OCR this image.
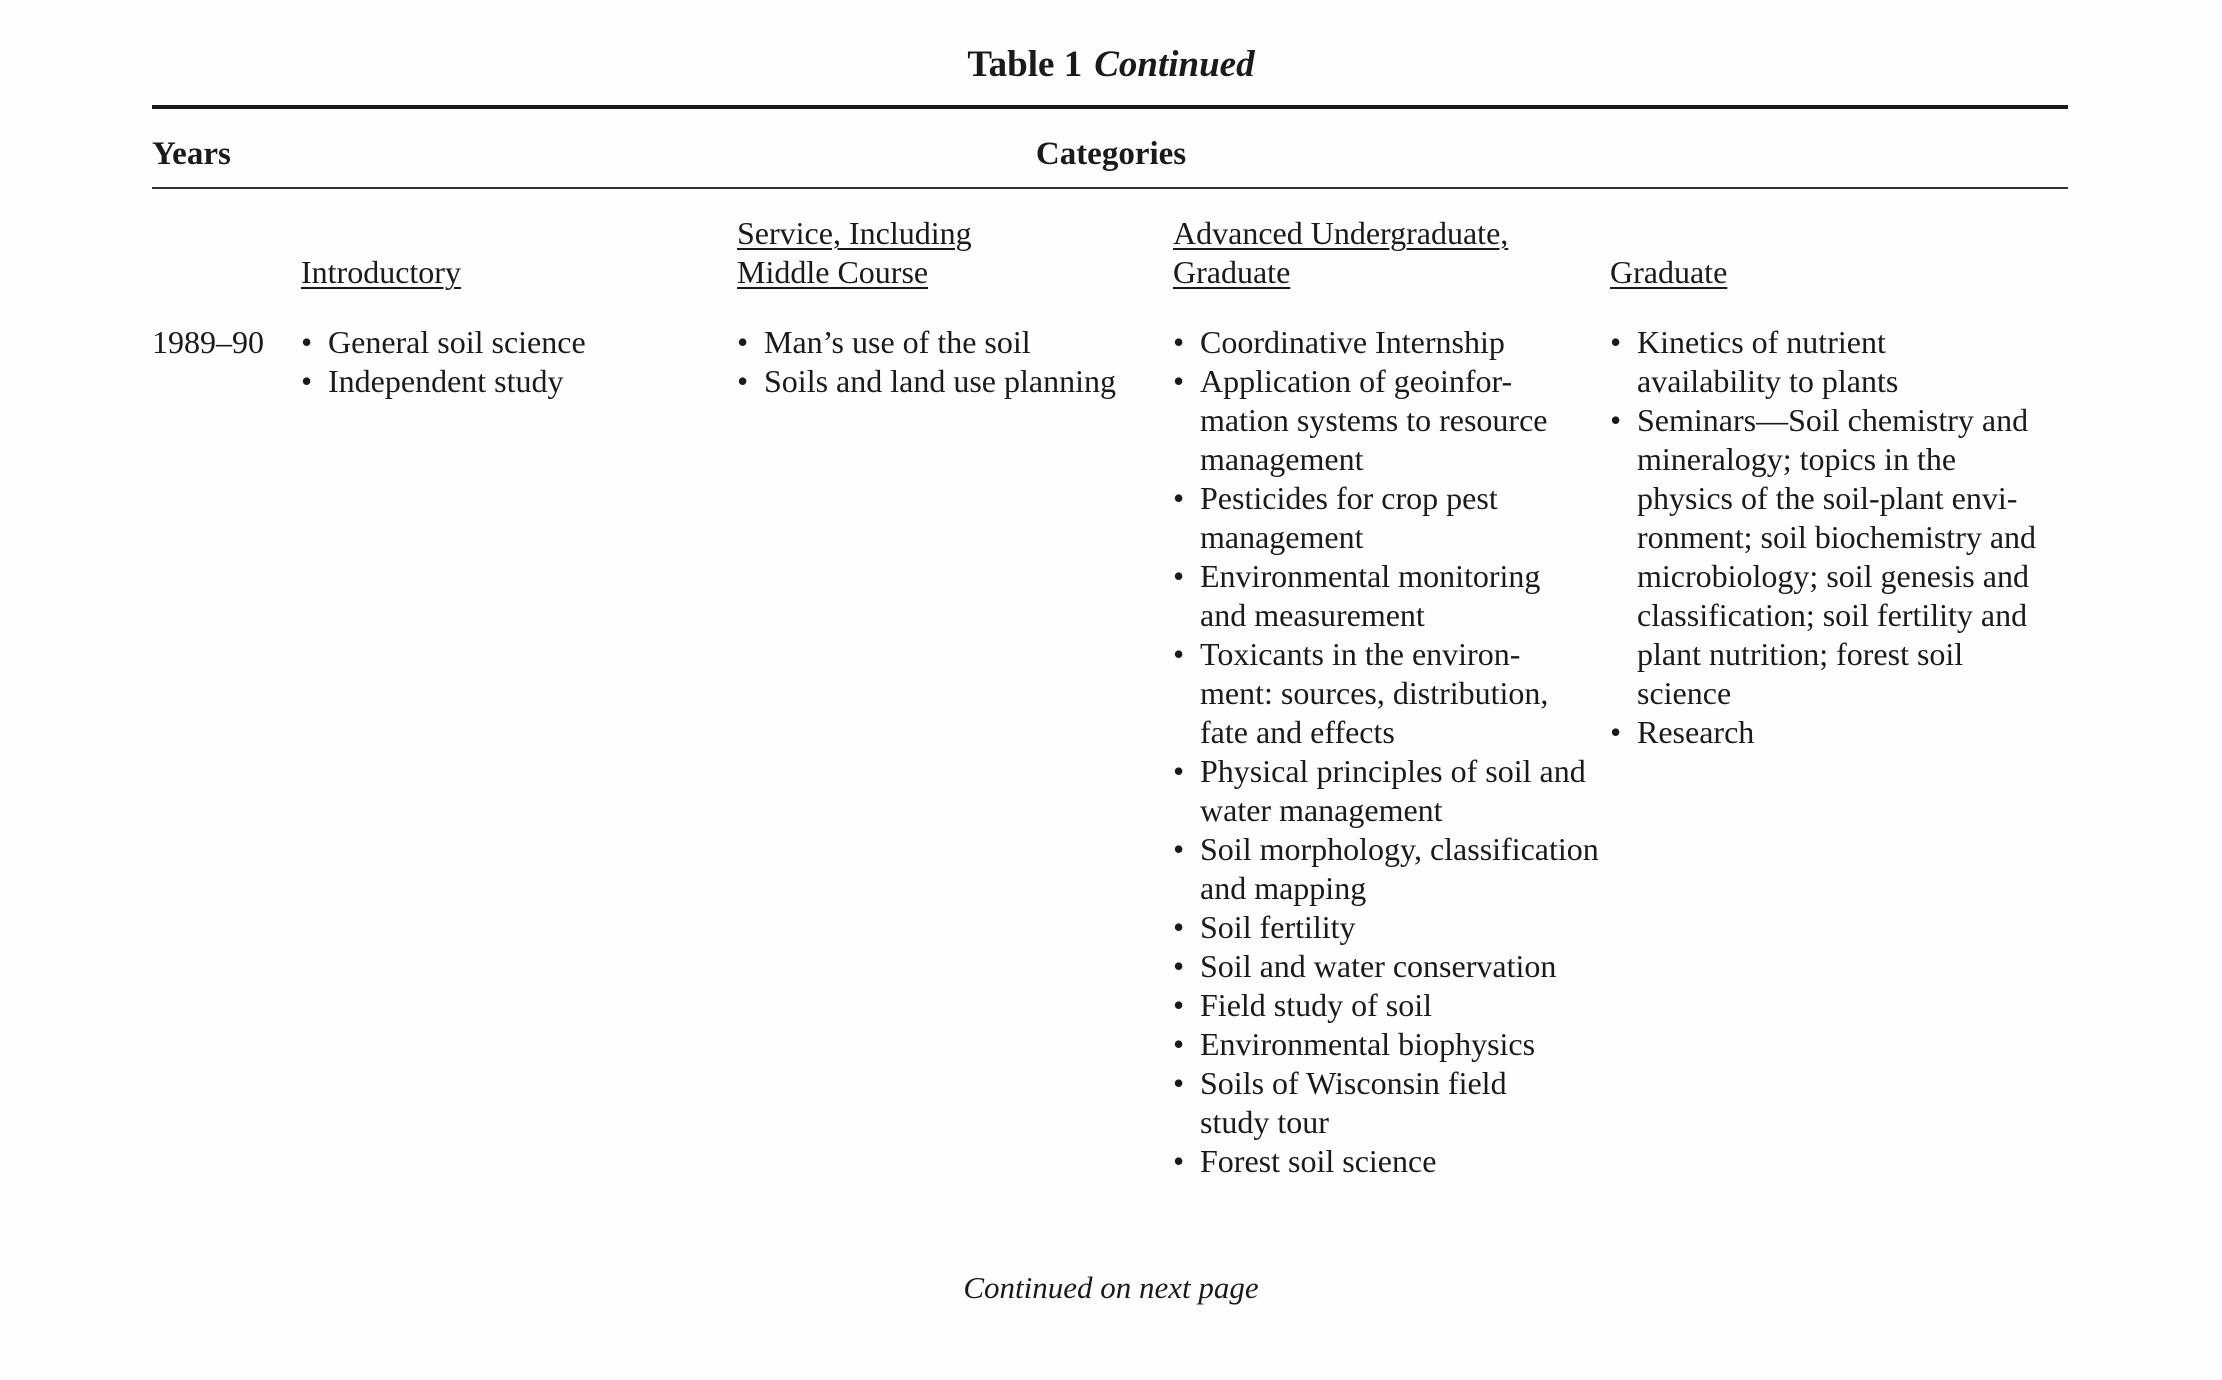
Table 1 Continued
Years	Categories
Introductory
Service, Including
Middle Course
Advanced Undergraduate,
Graduate	Graduate
1989–90
• General soil science
• Independent study
• Man’s use of the soil
• Soils and land use planning
• Coordinative Internship
• Application of geoinfor-
mation systems to resource
management
• Pesticides for crop pest
management
• Environmental monitoring
and measurement
• Toxicants in the environ-
ment: sources, distribution,
fate and effects
• Physical principles of soil and
water management
• Soil morphology, classification
and mapping
• Soil fertility
• Soil and water conservation
• Field study of soil
• Environmental biophysics
• Soils of Wisconsin field
study tour
• Forest soil science
• Kinetics of nutrient
availability to plants
• Seminars—Soil chemistry and
mineralogy; topics in the
physics of the soil-plant envi-
ronment; soil biochemistry and
microbiology; soil genesis and
classification; soil fertility and
plant nutrition; forest soil
science
• Research
Continued on next page
